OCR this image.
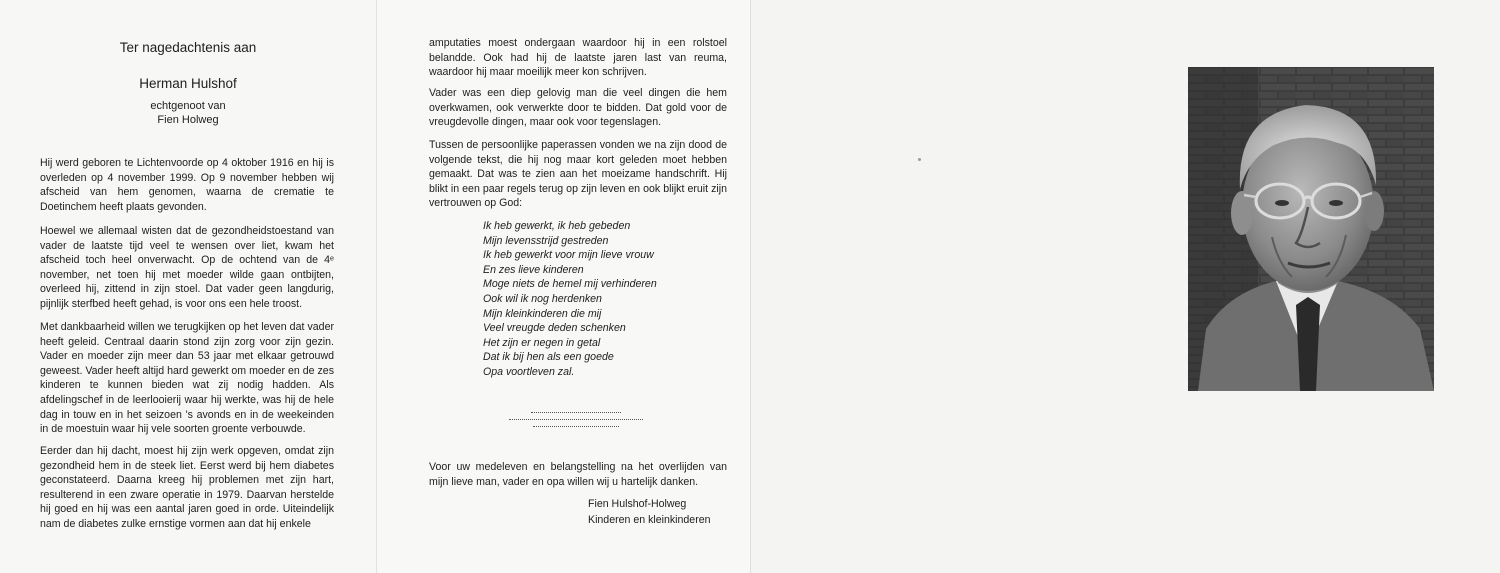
Ter nagedachtenis aan
Herman Hulshof
echtgenoot van
Fien Holweg

Hij werd geboren te Lichtenvoorde op 4 oktober 1916 en hij is overleden op 4 november 1999. Op 9 november hebben wij afscheid van hem genomen, waarna de crematie te Doetinchem heeft plaats gevonden.

Hoewel we allemaal wisten dat de gezondheidstoestand van vader de laatste tijd veel te wensen over liet, kwam het afscheid toch heel onverwacht. Op de ochtend van de 4ᵉ november, net toen hij met moeder wilde gaan ontbijten, overleed hij, zittend in zijn stoel. Dat vader geen langdurig, pijnlijk sterfbed heeft gehad, is voor ons een hele troost.

Met dankbaarheid willen we terugkijken op het leven dat vader heeft geleid. Centraal daarin stond zijn zorg voor zijn gezin. Vader en moeder zijn meer dan 53 jaar met elkaar getrouwd geweest. Vader heeft altijd hard gewerkt om moeder en de zes kinderen te kunnen bieden wat zij nodig hadden. Als afdelingschef in de leerlooierij waar hij werkte, was hij de hele dag in touw en in het seizoen 's avonds en in de weekeinden in de moestuin waar hij vele soorten groente verbouwde.

Eerder dan hij dacht, moest hij zijn werk opgeven, omdat zijn gezondheid hem in de steek liet. Eerst werd bij hem diabetes geconstateerd. Daarna kreeg hij problemen met zijn hart, resulterend in een zware operatie in 1979. Daarvan herstelde hij goed en hij was een aantal jaren goed in orde. Uiteindelijk nam de diabetes zulke ernstige vormen aan dat hij enkele

amputaties moest ondergaan waardoor hij in een rolstoel belandde. Ook had hij de laatste jaren last van reuma, waardoor hij maar moeilijk meer kon schrijven.

Vader was een diep gelovig man die veel dingen die hem overkwamen, ook verwerkte door te bidden. Dat gold voor de vreugdevolle dingen, maar ook voor tegenslagen.

Tussen de persoonlijke paperassen vonden we na zijn dood de volgende tekst, die hij nog maar kort geleden moet hebben gemaakt. Dat was te zien aan het moeizame handschrift. Hij blikt in een paar regels terug op zijn leven en ook blijkt eruit zijn vertrouwen op God:

Ik heb gewerkt, ik heb gebeden
Mijn levensstrijd gestreden
Ik heb gewerkt voor mijn lieve vrouw
En zes lieve kinderen
Moge niets de hemel mij verhinderen
Ook wil ik nog herdenken
Mijn kleinkinderen die mij
Veel vreugde deden schenken
Het zijn er negen in getal
Dat ik bij hen als een goede
Opa voortleven zal.

Voor uw medeleven en belangstelling na het overlijden van mijn lieve man, vader en opa willen wij u hartelijk danken.

Fien Hulshof-Holweg
Kinderen en kleinkinderen
